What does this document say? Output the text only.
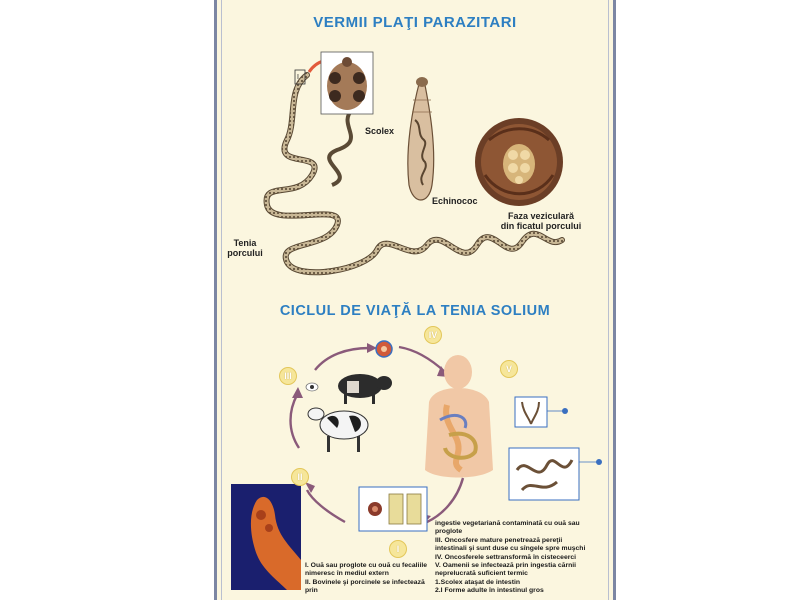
VERMII PLAŢI PARAZITARI
Scolex
Echinococ
I
Tenia
porcului
Faza veziculară
din ficatul porcului
CICLUL DE VIAŢĂ LA TENIA SOLIUM
IV
V
III
II
I
ingestie vegetariană contaminată cu ouă sau
proglote
III. Oncosfere mature penetrează pereţii
intestinali şi sunt duse cu sîngele spre muşchi
IV. Oncosferele settransformă în cisteceerci
V. Oamenii se infectează prin ingestia cărnii
neprelucrată suficient termic
1.Scolex ataşat de intestin
2.I Forme adulte în intestinul gros
I. Ouă sau proglote cu ouă cu fecaliile
nimeresc în mediul extern
II. Bovinele şi porcinele se infectează prin
